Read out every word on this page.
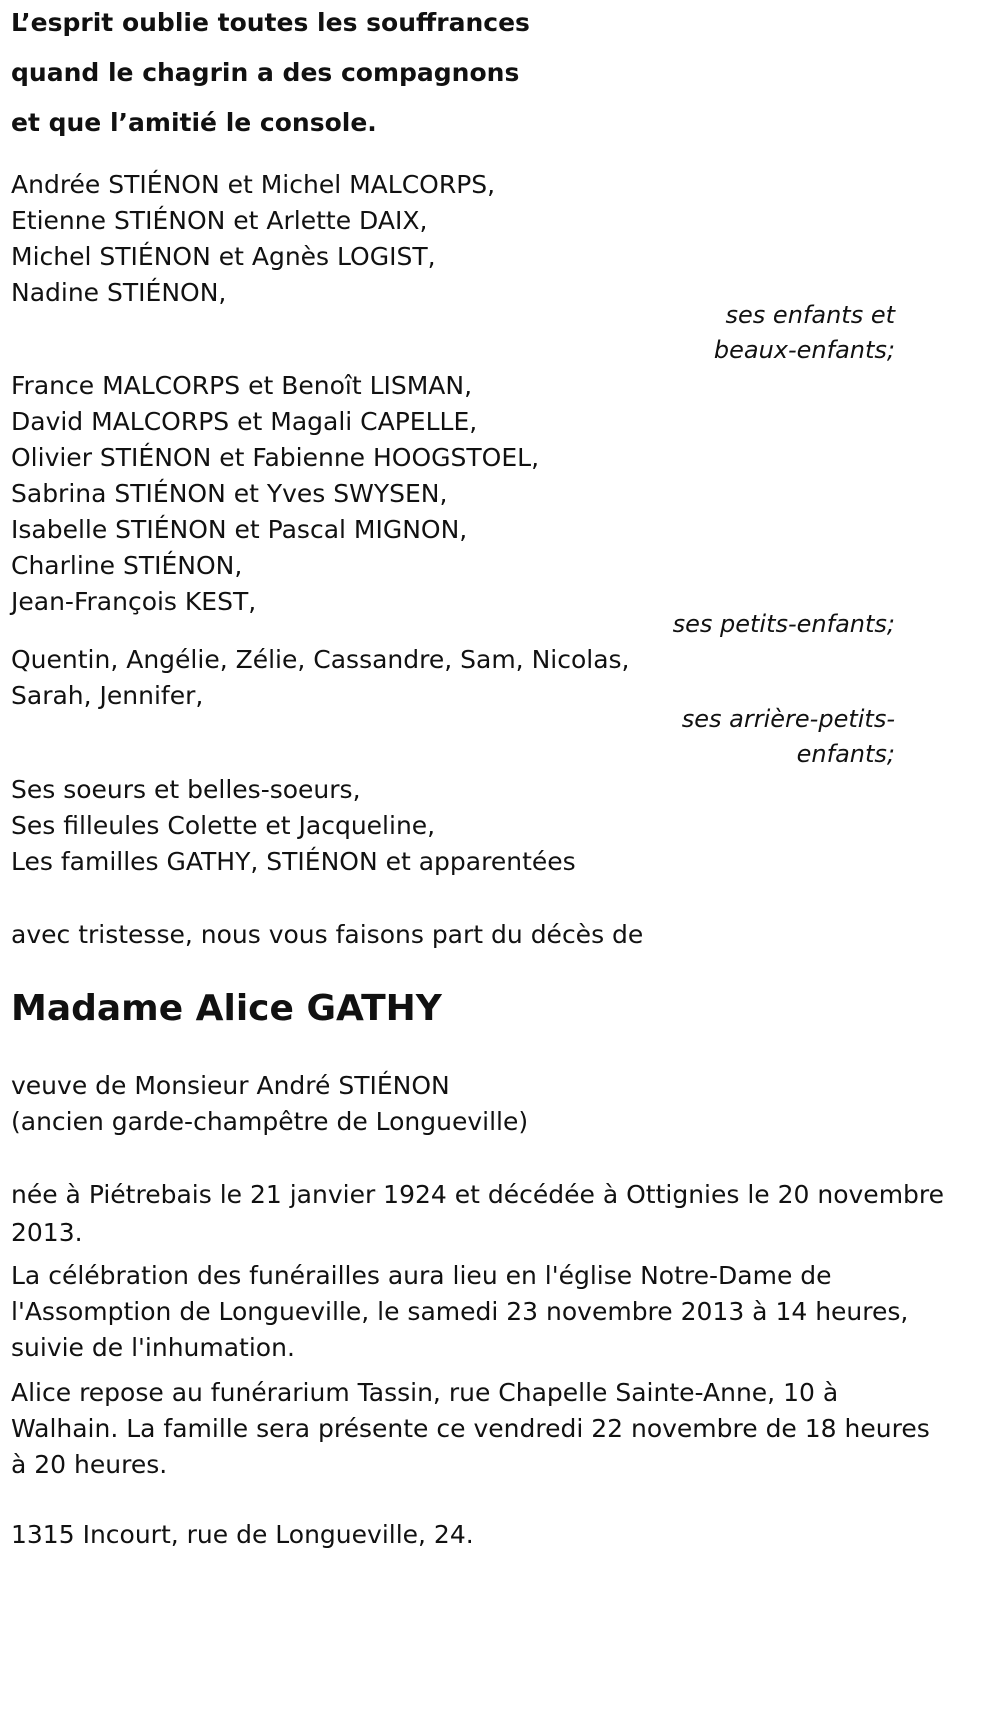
L’esprit oublie toutes les souffrances
quand le chagrin a des compagnons
et que l’amitié le console.
Andrée STIÉNON et Michel MALCORPS,
Etienne STIÉNON et Arlette DAIX,
Michel STIÉNON et Agnès LOGIST,
Nadine STIÉNON,
ses enfants et
beaux-enfants;
France MALCORPS et Benoît LISMAN,
David MALCORPS et Magali CAPELLE,
Olivier STIÉNON et Fabienne HOOGSTOEL,
Sabrina STIÉNON et Yves SWYSEN,
Isabelle STIÉNON et Pascal MIGNON,
Charline STIÉNON,
Jean-François KEST,
ses petits-enfants;
Quentin, Angélie, Zélie, Cassandre, Sam, Nicolas,
Sarah, Jennifer,
ses arrière-petits-
enfants;
Ses soeurs et belles-soeurs,
Ses filleules Colette et Jacqueline,
Les familles GATHY, STIÉNON et apparentées
avec tristesse, nous vous faisons part du décès de
Madame Alice GATHY
veuve de Monsieur André STIÉNON
(ancien garde-champêtre de Longueville)
née à Piétrebais le 21 janvier 1924 et décédée à Ottignies le 20 novembre
2013.
La célébration des funérailles aura lieu en l'église Notre-Dame de
l'Assomption de Longueville, le samedi 23 novembre 2013 à 14 heures,
suivie de l'inhumation.
Alice repose au funérarium Tassin, rue Chapelle Sainte-Anne, 10 à
Walhain. La famille sera présente ce vendredi 22 novembre de 18 heures
à 20 heures.
1315 Incourt, rue de Longueville, 24.
